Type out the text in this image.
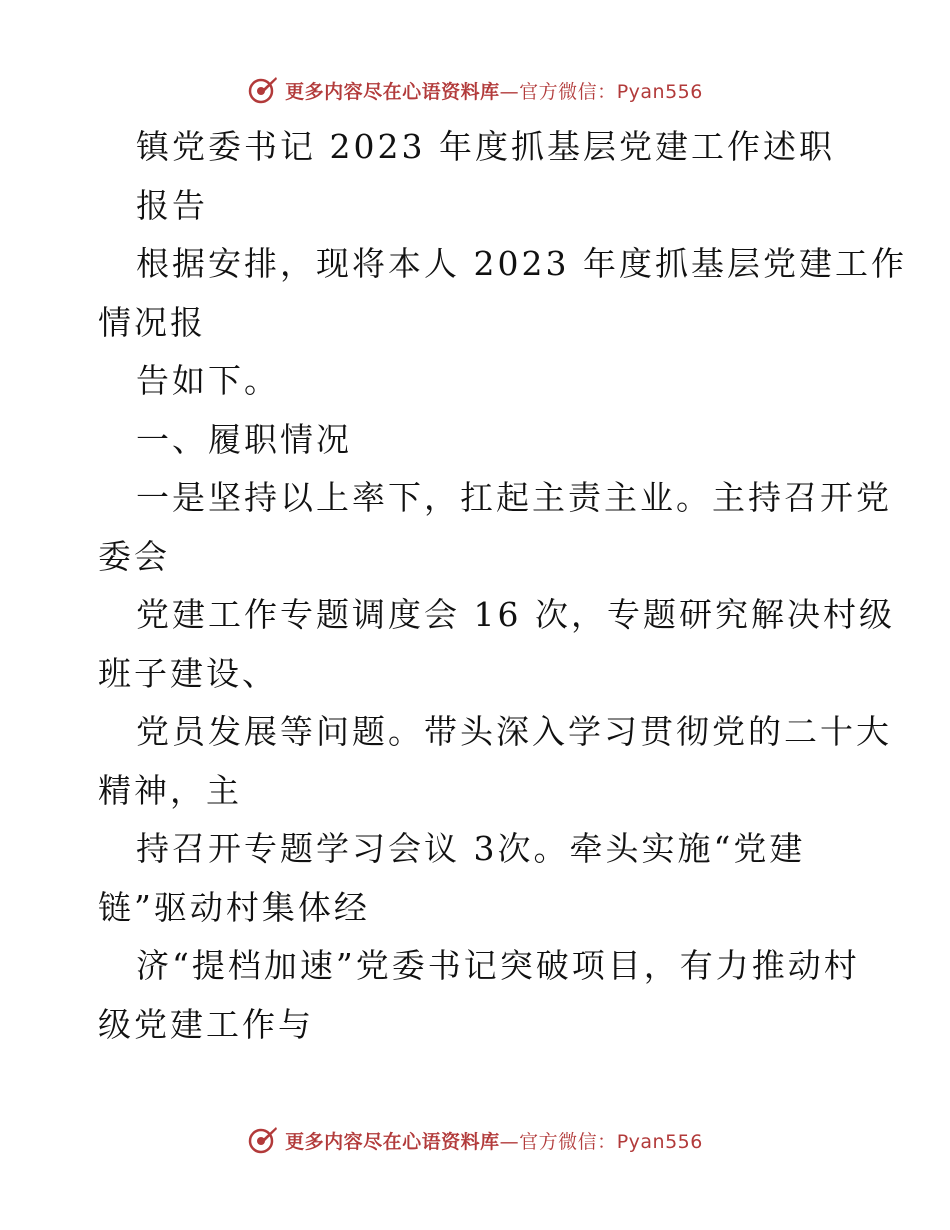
更多内容尽在心语资料库—官方微信：Pyan556
镇党委书记 2023 年度抓基层党建工作述职
报告
根据安排，现将本人 2023 年度抓基层党建工作
情况报
告如下。
一、履职情况
一是坚持以上率下，扛起主责主业。主持召开党
委会
党建工作专题调度会 16 次，专题研究解决村级
班子建设、
党员发展等问题。带头深入学习贯彻党的二十大
精神，主
持召开专题学习会议 3次。牵头实施“党建
链”驱动村集体经
济“提档加速”党委书记突破项目，有力推动村
级党建工作与
更多内容尽在心语资料库—官方微信：Pyan556
